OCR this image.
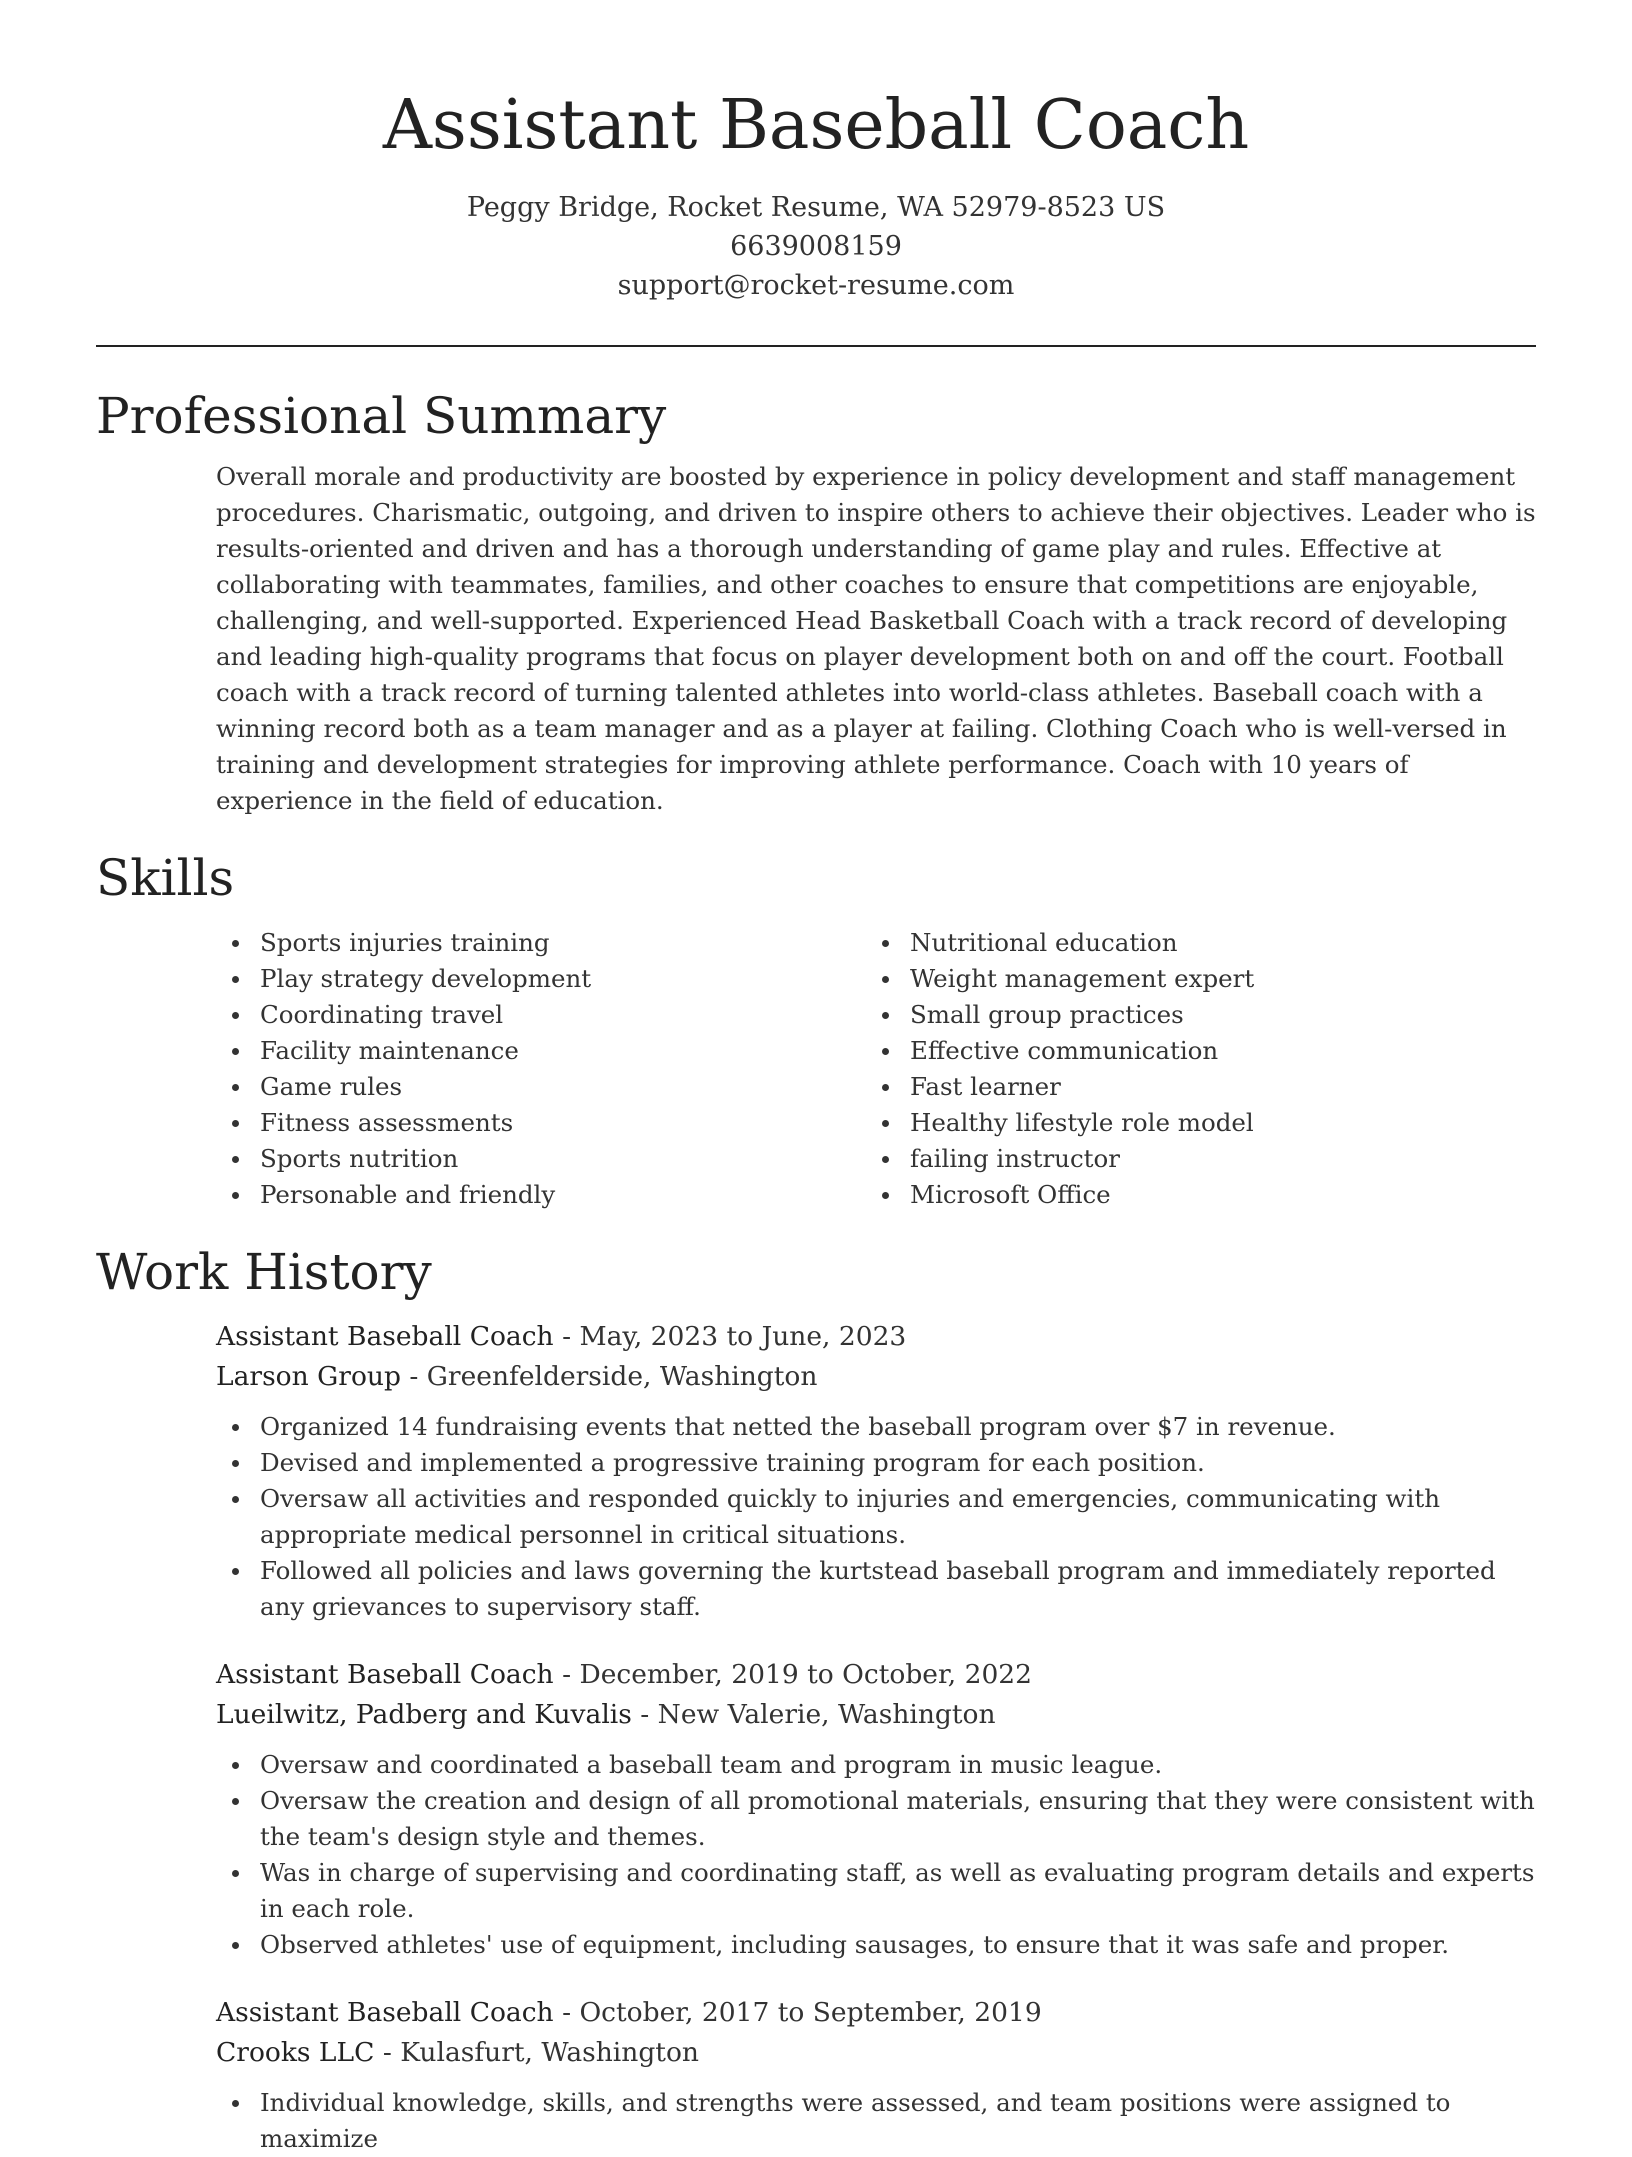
Assistant Baseball Coach
Peggy Bridge, Rocket Resume, WA 52979-8523 US
6639008159
support@rocket-resume.com
Professional Summary

Overall morale and productivity are boosted by experience in policy development and staff management procedures. Charismatic, outgoing, and driven to inspire others to achieve their objectives. Leader who is results-oriented and driven and has a thorough understanding of game play and rules. Effective at collaborating with teammates, families, and other coaches to ensure that competitions are enjoyable, challenging, and well-supported. Experienced Head Basketball Coach with a track record of developing and leading high-quality programs that focus on player development both on and off the court. Football coach with a track record of turning talented athletes into world-class athletes. Baseball coach with a winning record both as a team manager and as a player at failing. Clothing Coach who is well-versed in training and development strategies for improving athlete performance. Coach with 10 years of experience in the field of education.

Skills
Sports injuries training
Play strategy development
Coordinating travel
Facility maintenance
Game rules
Fitness assessments
Sports nutrition
Personable and friendly
Nutritional education
Weight management expert
Small group practices
Effective communication
Fast learner
Healthy lifestyle role model
failing instructor
Microsoft Office
Work History
Assistant Baseball Coach - May, 2023 to June, 2023
Larson Group - Greenfelderside, Washington
Organized 14 fundraising events that netted the baseball program over $7 in revenue.
Devised and implemented a progressive training program for each position.
Oversaw all activities and responded quickly to injuries and emergencies, communicating with appropriate medical personnel in critical situations.
Followed all policies and laws governing the kurtstead baseball program and immediately reported any grievances to supervisory staff.
Assistant Baseball Coach - December, 2019 to October, 2022
Lueilwitz, Padberg and Kuvalis - New Valerie, Washington
Oversaw and coordinated a baseball team and program in music league.
Oversaw the creation and design of all promotional materials, ensuring that they were consistent with the team's design style and themes.
Was in charge of supervising and coordinating staff, as well as evaluating program details and experts in each role.
Observed athletes' use of equipment, including sausages, to ensure that it was safe and proper.
Assistant Baseball Coach - October, 2017 to September, 2019
Crooks LLC - Kulasfurt, Washington
Individual knowledge, skills, and strengths were assessed, and team positions were assigned to maximize
